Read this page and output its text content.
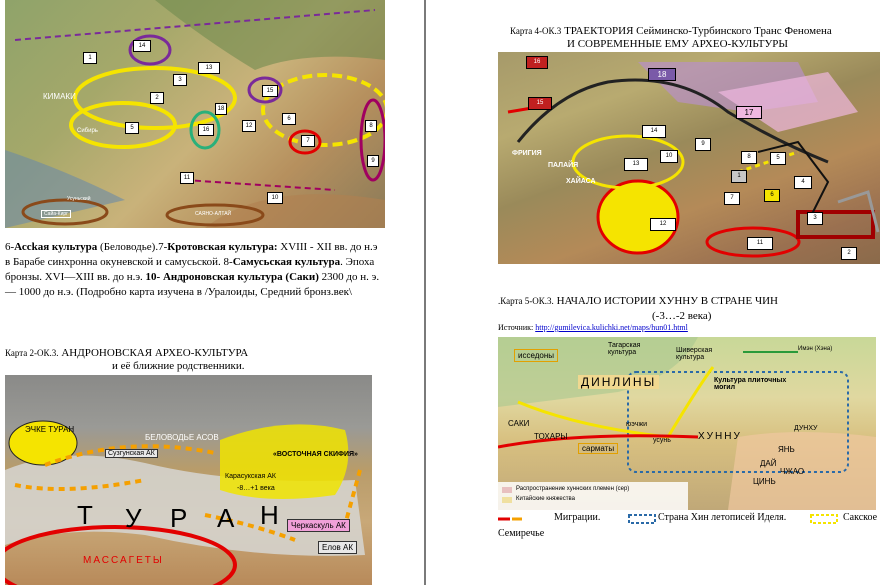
КИМАКИ
Сибирь
Сайа-Кирг	САЯНО-АЛТАЙ
Усуньский
1
2
3
5
6
7
8
9
10
11
12
13
14
15
16
18
6-Ассkая культура (Беловодье).7-Кротовская культура: XVIII - XII вв. до н.э в Барабе синхронна окуневской и самусьской. 8-Самусьская культура. Эпоха бронзы. XVI—XIII вв. до н.э. 10- Андроновская культура (Саки) 2300 до н. э. — 1000 до н.э. (Подробно карта изучена в /Уралоиды, Средний бронз.век\
Карта 2-ОК.3. АНДРОНОВСКАЯ АРХЕО-КУЛЬТУРА
и её ближние родственники.
ЭЧКЕ ТУРАН
БЕЛОВОДЬЕ АСОВ
Сузгунская АК	«ВОСТОЧНАЯ СКИФИЯ»
Карасукская АК
-8…+1 века
Т У Р А Н	Черкаскуль АК
Елов АК
МАССАГЕТЫ
Карта 4-ОК.3 ТРАЕКТОРИЯ Сейминско-Турбинского Транс Феномена
И СОВРЕМЕННЫЕ ЕМУ АРХЕО-КУЛЬТУРЫ
16
15
18
17
14
13
10
9
8
7	6
5
4
3
2
1
11
12
ФРИГИЯ
ПАЛАЙЯ
ХАЙАСА
.Карта 5-ОК.3. НАЧАЛО ИСТОРИИ ХУННУ В СТРАНЕ ЧИН
(-3…-2 века)
Источник: http://gumilevica.kulichki.net/maps/hun01.html
исседоны
Тагарская культура	Шиверская культура
Имэн (Хэна)
ДИНЛИНЫ	Культура плиточных могил
САКИ
ТОХАРЫ
юэчжи
усунь
сарматы
ХУННУ
ДУНХУ
ЯНЬ
ДАЙ
ЧЖАО
ЦИНЬ
Распространение хуннских племен (сер)
Китайские княжества
Миграции.	Страна Хин летописей Иделя.	Сакское
Семиречье
